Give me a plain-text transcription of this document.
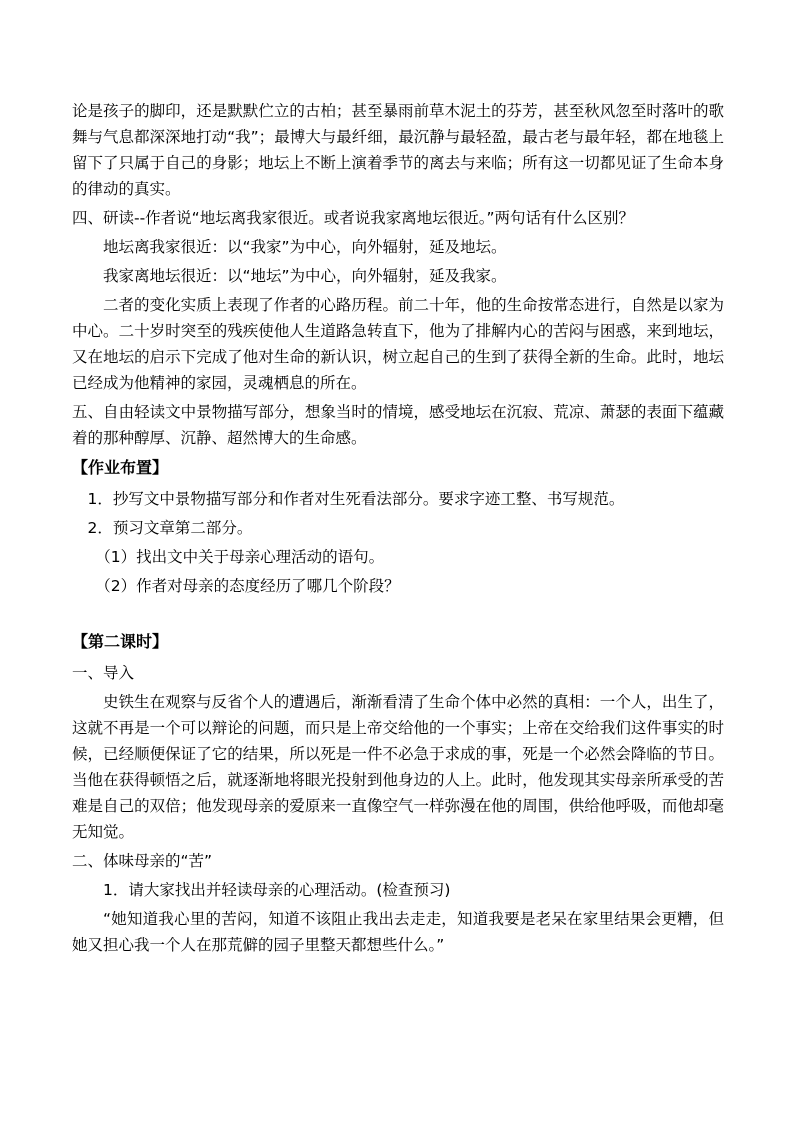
论是孩子的脚印，还是默默伫立的古柏；甚至暴雨前草木泥土的芬芳，甚至秋风忽至时落叶的歌舞与气息都深深地打动“我”；最博大与最纤细，最沉静与最轻盈，最古老与最年轻，都在地毯上留下了只属于自己的身影；地坛上不断上演着季节的离去与来临；所有这一切都见证了生命本身的律动的真实。

四、研读--作者说“地坛离我家很近。或者说我家离地坛很近。”两句话有什么区别？

地坛离我家很近：以“我家”为中心，向外辐射，延及地坛。

我家离地坛很近：以“地坛”为中心，向外辐射，延及我家。

二者的变化实质上表现了作者的心路历程。前二十年，他的生命按常态进行，自然是以家为中心。二十岁时突至的残疾使他人生道路急转直下，他为了排解内心的苦闷与困惑，来到地坛，又在地坛的启示下完成了他对生命的新认识，树立起自己的生到了获得全新的生命。此时，地坛已经成为他精神的家园，灵魂栖息的所在。

五、自由轻读文中景物描写部分，想象当时的情境，感受地坛在沉寂、荒凉、萧瑟的表面下蕴藏着的那种醇厚、沉静、超然博大的生命感。

【作业布置】

1．抄写文中景物描写部分和作者对生死看法部分。要求字迹工整、书写规范。

2．预习文章第二部分。

（1）找出文中关于母亲心理活动的语句。

（2）作者对母亲的态度经历了哪几个阶段？

【第二课时】

一、导入

史铁生在观察与反省个人的遭遇后，渐渐看清了生命个体中必然的真相：一个人，出生了，这就不再是一个可以辩论的问题，而只是上帝交给他的一个事实；上帝在交给我们这件事实的时候，已经顺便保证了它的结果，所以死是一件不必急于求成的事，死是一个必然会降临的节日。当他在获得顿悟之后，就逐渐地将眼光投射到他身边的人上。此时，他发现其实母亲所承受的苦难是自己的双倍；他发现母亲的爱原来一直像空气一样弥漫在他的周围，供给他呼吸，而他却毫无知觉。

二、体味母亲的“苦”

1．请大家找出并轻读母亲的心理活动。(检查预习)

“她知道我心里的苦闷，知道不该阻止我出去走走，知道我要是老呆在家里结果会更糟，但她又担心我一个人在那荒僻的园子里整天都想些什么。”
